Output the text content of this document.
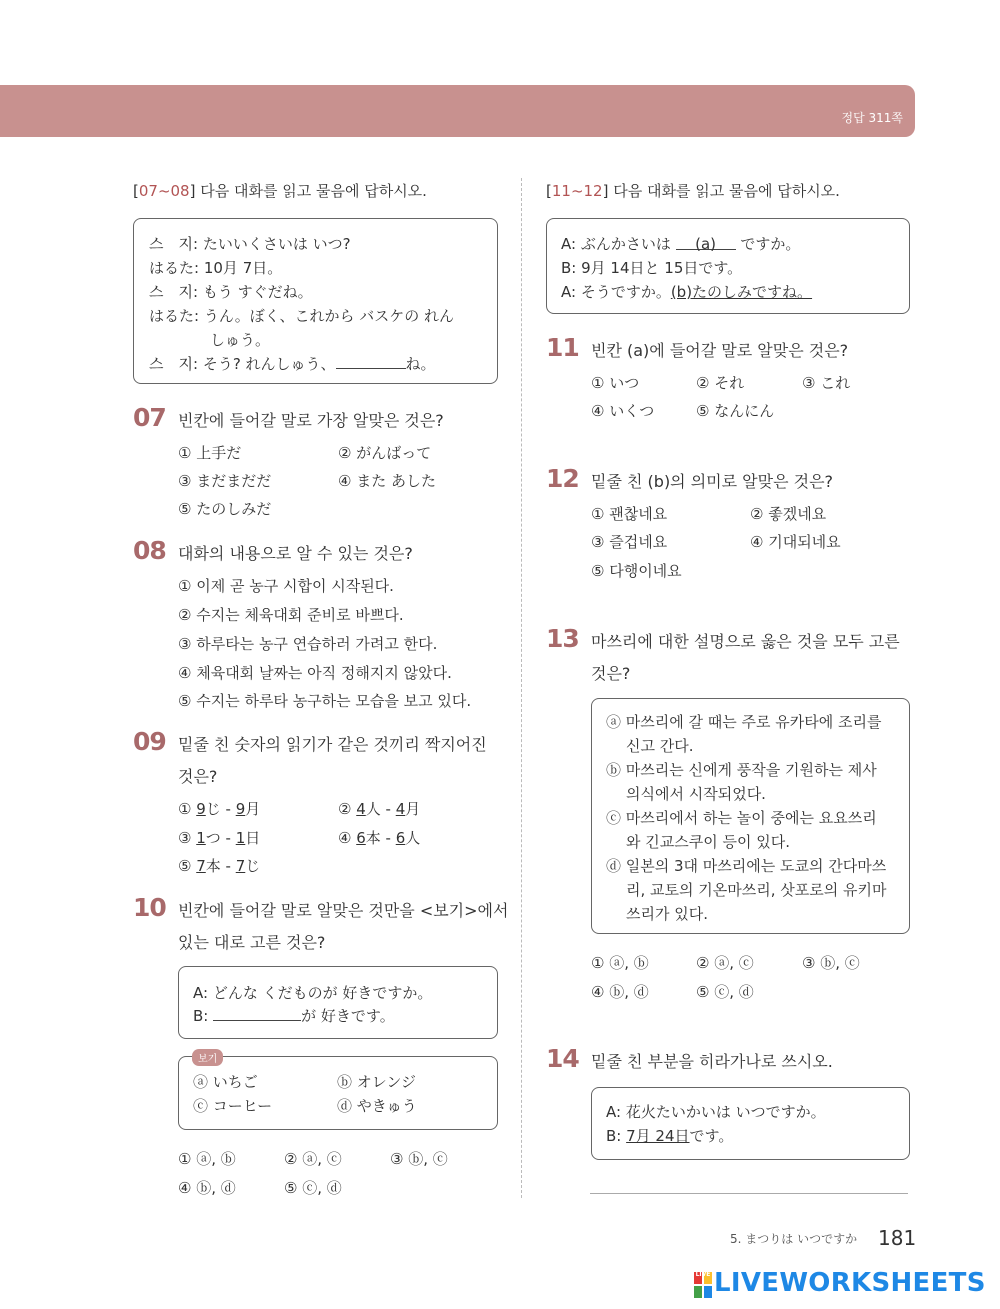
정답 311쪽
[07~08] 다음 대화를 읽고 물음에 답하시오.
스　지: たいいくさいは いつ?
はるた: 10月 7日。
스　지: もう すぐだね。
はるた: うん。ぼく、これから バスケの れん
しゅう。
스　지: そう? れんしゅう、	ね。
07 빈칸에 들어갈 말로 가장 알맞은 것은?
① 上手だ	② がんばって
③ まだまだだ	④ また あした
⑤ たのしみだ
08 대화의 내용으로 알 수 있는 것은?
① 이제 곧 농구 시합이 시작된다.
② 수지는 체육대회 준비로 바쁘다.
③ 하루타는 농구 연습하러 가려고 한다.
④ 체육대회 날짜는 아직 정해지지 않았다.
⑤ 수지는 하루타 농구하는 모습을 보고 있다.
09 밑줄 친 숫자의 읽기가 같은 것끼리 짝지어진
것은?
① 9じ - 9月	② 4人 - 4月
③ 1つ - 1日	④ 6本 - 6人
⑤ 7本 - 7じ
10 빈칸에 들어갈 말로 알맞은 것만을 <보기>에서
있는 대로 고른 것은?
A: どんな くだものが 好きですか。
B:	が 好きです。
ⓐ いちご	ⓑ オレンジ
ⓒ コーヒー	ⓓ やきゅう
보기
① ⓐ, ⓑ	② ⓐ, ⓒ	③ ⓑ, ⓒ
④ ⓑ, ⓓ	⑤ ⓒ, ⓓ
[11~12] 다음 대화를 읽고 물음에 답하시오.
A: ぶんかさいは (a) ですか。
B: 9月 14日と 15日です。
A: そうですか。(b)たのしみですね。
11 빈칸 (a)에 들어갈 말로 알맞은 것은?
① いつ	② それ	③ これ
④ いくつ	⑤ なんにん
12 밑줄 친 (b)의 의미로 알맞은 것은?
① 괜찮네요	② 좋겠네요
③ 즐겁네요	④ 기대되네요
⑤ 다행이네요
13 마쓰리에 대한 설명으로 옳은 것을 모두 고른
것은?
ⓐ 마쓰리에 갈 때는 주로 유카타에 조리를
신고 간다.
ⓑ 마쓰리는 신에게 풍작을 기원하는 제사
의식에서 시작되었다.
ⓒ 마쓰리에서 하는 놀이 중에는 요요쓰리
와 긴교스쿠이 등이 있다.
ⓓ 일본의 3대 마쓰리에는 도쿄의 간다마쓰
리, 교토의 기온마쓰리, 삿포로의 유키마
쓰리가 있다.
① ⓐ, ⓑ	② ⓐ, ⓒ	③ ⓑ, ⓒ
④ ⓑ, ⓓ	⑤ ⓒ, ⓓ
14 밑줄 친 부분을 히라가나로 쓰시오.
A: 花火たいかいは いつですか。
B: 7月 24日です。
5. まつりは いつですか 181
LIVE LIVEWORKSHEETS
